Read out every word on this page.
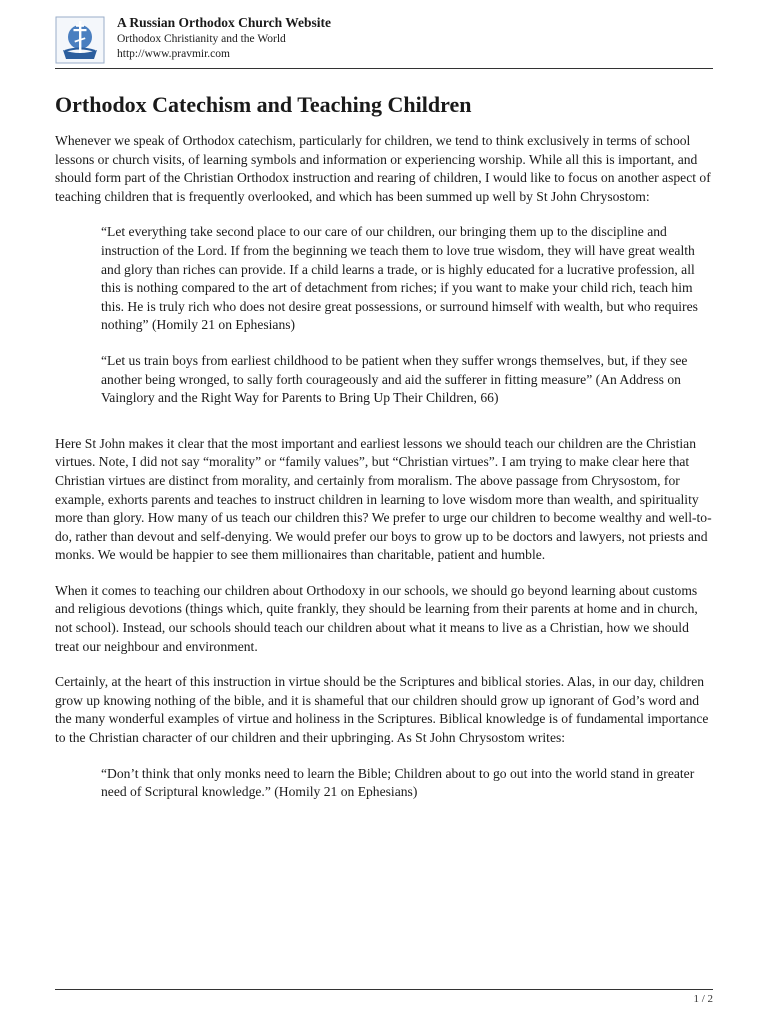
A Russian Orthodox Church Website
Orthodox Christianity and the World
http://www.pravmir.com
Orthodox Catechism and Teaching Children

Whenever we speak of Orthodox catechism, particularly for children, we tend to think exclusively in terms of school lessons or church visits, of learning symbols and information or experiencing worship. While all this is important, and should form part of the Christian Orthodox instruction and rearing of children, I would like to focus on another aspect of teaching children that is frequently overlooked, and which has been summed up well by St John Chrysostom:

“Let everything take second place to our care of our children, our bringing them up to the discipline and instruction of the Lord. If from the beginning we teach them to love true wisdom, they will have great wealth and glory than riches can provide. If a child learns a trade, or is highly educated for a lucrative profession, all this is nothing compared to the art of detachment from riches; if you want to make your child rich, teach him this. He is truly rich who does not desire great possessions, or surround himself with wealth, but who requires nothing” (Homily 21 on Ephesians)

“Let us train boys from earliest childhood to be patient when they suffer wrongs themselves, but, if they see another being wronged, to sally forth courageously and aid the sufferer in fitting measure” (An Address on Vainglory and the Right Way for Parents to Bring Up Their Children, 66)

Here St John makes it clear that the most important and earliest lessons we should teach our children are the Christian virtues. Note, I did not say “morality” or “family values”, but “Christian virtues”. I am trying to make clear here that Christian virtues are distinct from morality, and certainly from moralism. The above passage from Chrysostom, for example, exhorts parents and teaches to instruct children in learning to love wisdom more than wealth, and spirituality more than glory. How many of us teach our children this? We prefer to urge our children to become wealthy and well-to-do, rather than devout and self-denying. We would prefer our boys to grow up to be doctors and lawyers, not priests and monks. We would be happier to see them millionaires than charitable, patient and humble.

When it comes to teaching our children about Orthodoxy in our schools, we should go beyond learning about customs and religious devotions (things which, quite frankly, they should be learning from their parents at home and in church, not school). Instead, our schools should teach our children about what it means to live as a Christian, how we should treat our neighbour and environment.

Certainly, at the heart of this instruction in virtue should be the Scriptures and biblical stories. Alas, in our day, children grow up knowing nothing of the bible, and it is shameful that our children should grow up ignorant of God’s word and the many wonderful examples of virtue and holiness in the Scriptures. Biblical knowledge is of fundamental importance to the Christian character of our children and their upbringing. As St John Chrysostom writes:

“Don’t think that only monks need to learn the Bible; Children about to go out into the world stand in greater need of Scriptural knowledge.” (Homily 21 on Ephesians)

1 / 2
